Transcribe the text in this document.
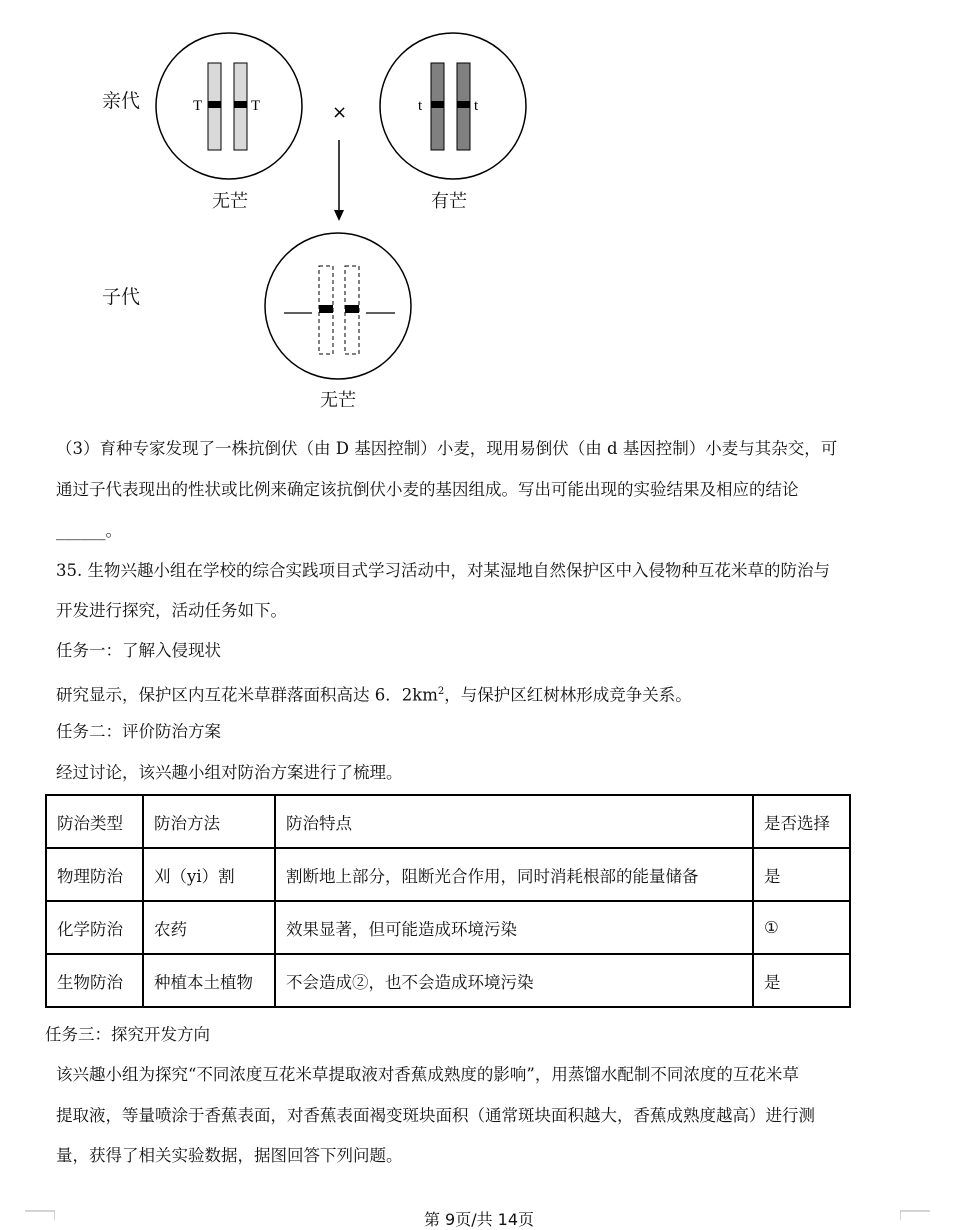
亲代
子代
T	T	×	t	t
无芒	有芒
无芒
（3）育种专家发现了一株抗倒伏（由 D 基因控制）小麦，现用易倒伏（由 d 基因控制）小麦与其杂交，可
通过子代表现出的性状或比例来确定该抗倒伏小麦的基因组成。写出可能出现的实验结果及相应的结论
______。
35. 生物兴趣小组在学校的综合实践项目式学习活动中，对某湿地自然保护区中入侵物种互花米草的防治与
开发进行探究，活动任务如下。
任务一：了解入侵现状
研究显示，保护区内互花米草群落面积高达 6．$2km^2$，与保护区红树林形成竞争关系。
任务二：评价防治方案
经过讨论，该兴趣小组对防治方案进行了梳理。
防治类型	防治方法	防治特点	是否选择
物理防治	刈（yi）割	割断地上部分，阻断光合作用，同时消耗根部的能量储备	是
化学防治	农药	效果显著，但可能造成环境污染	①
生物防治	种植本土植物	不会造成②，也不会造成环境污染	是
任务三：探究开发方向
该兴趣小组为探究“不同浓度互花米草提取液对香蕉成熟度的影响”，用蒸馏水配制不同浓度的互花米草
提取液，等量喷涂于香蕉表面，对香蕉表面褐变斑块面积（通常斑块面积越大，香蕉成熟度越高）进行测
量，获得了相关实验数据，据图回答下列问题。
第 9页/共 14页
